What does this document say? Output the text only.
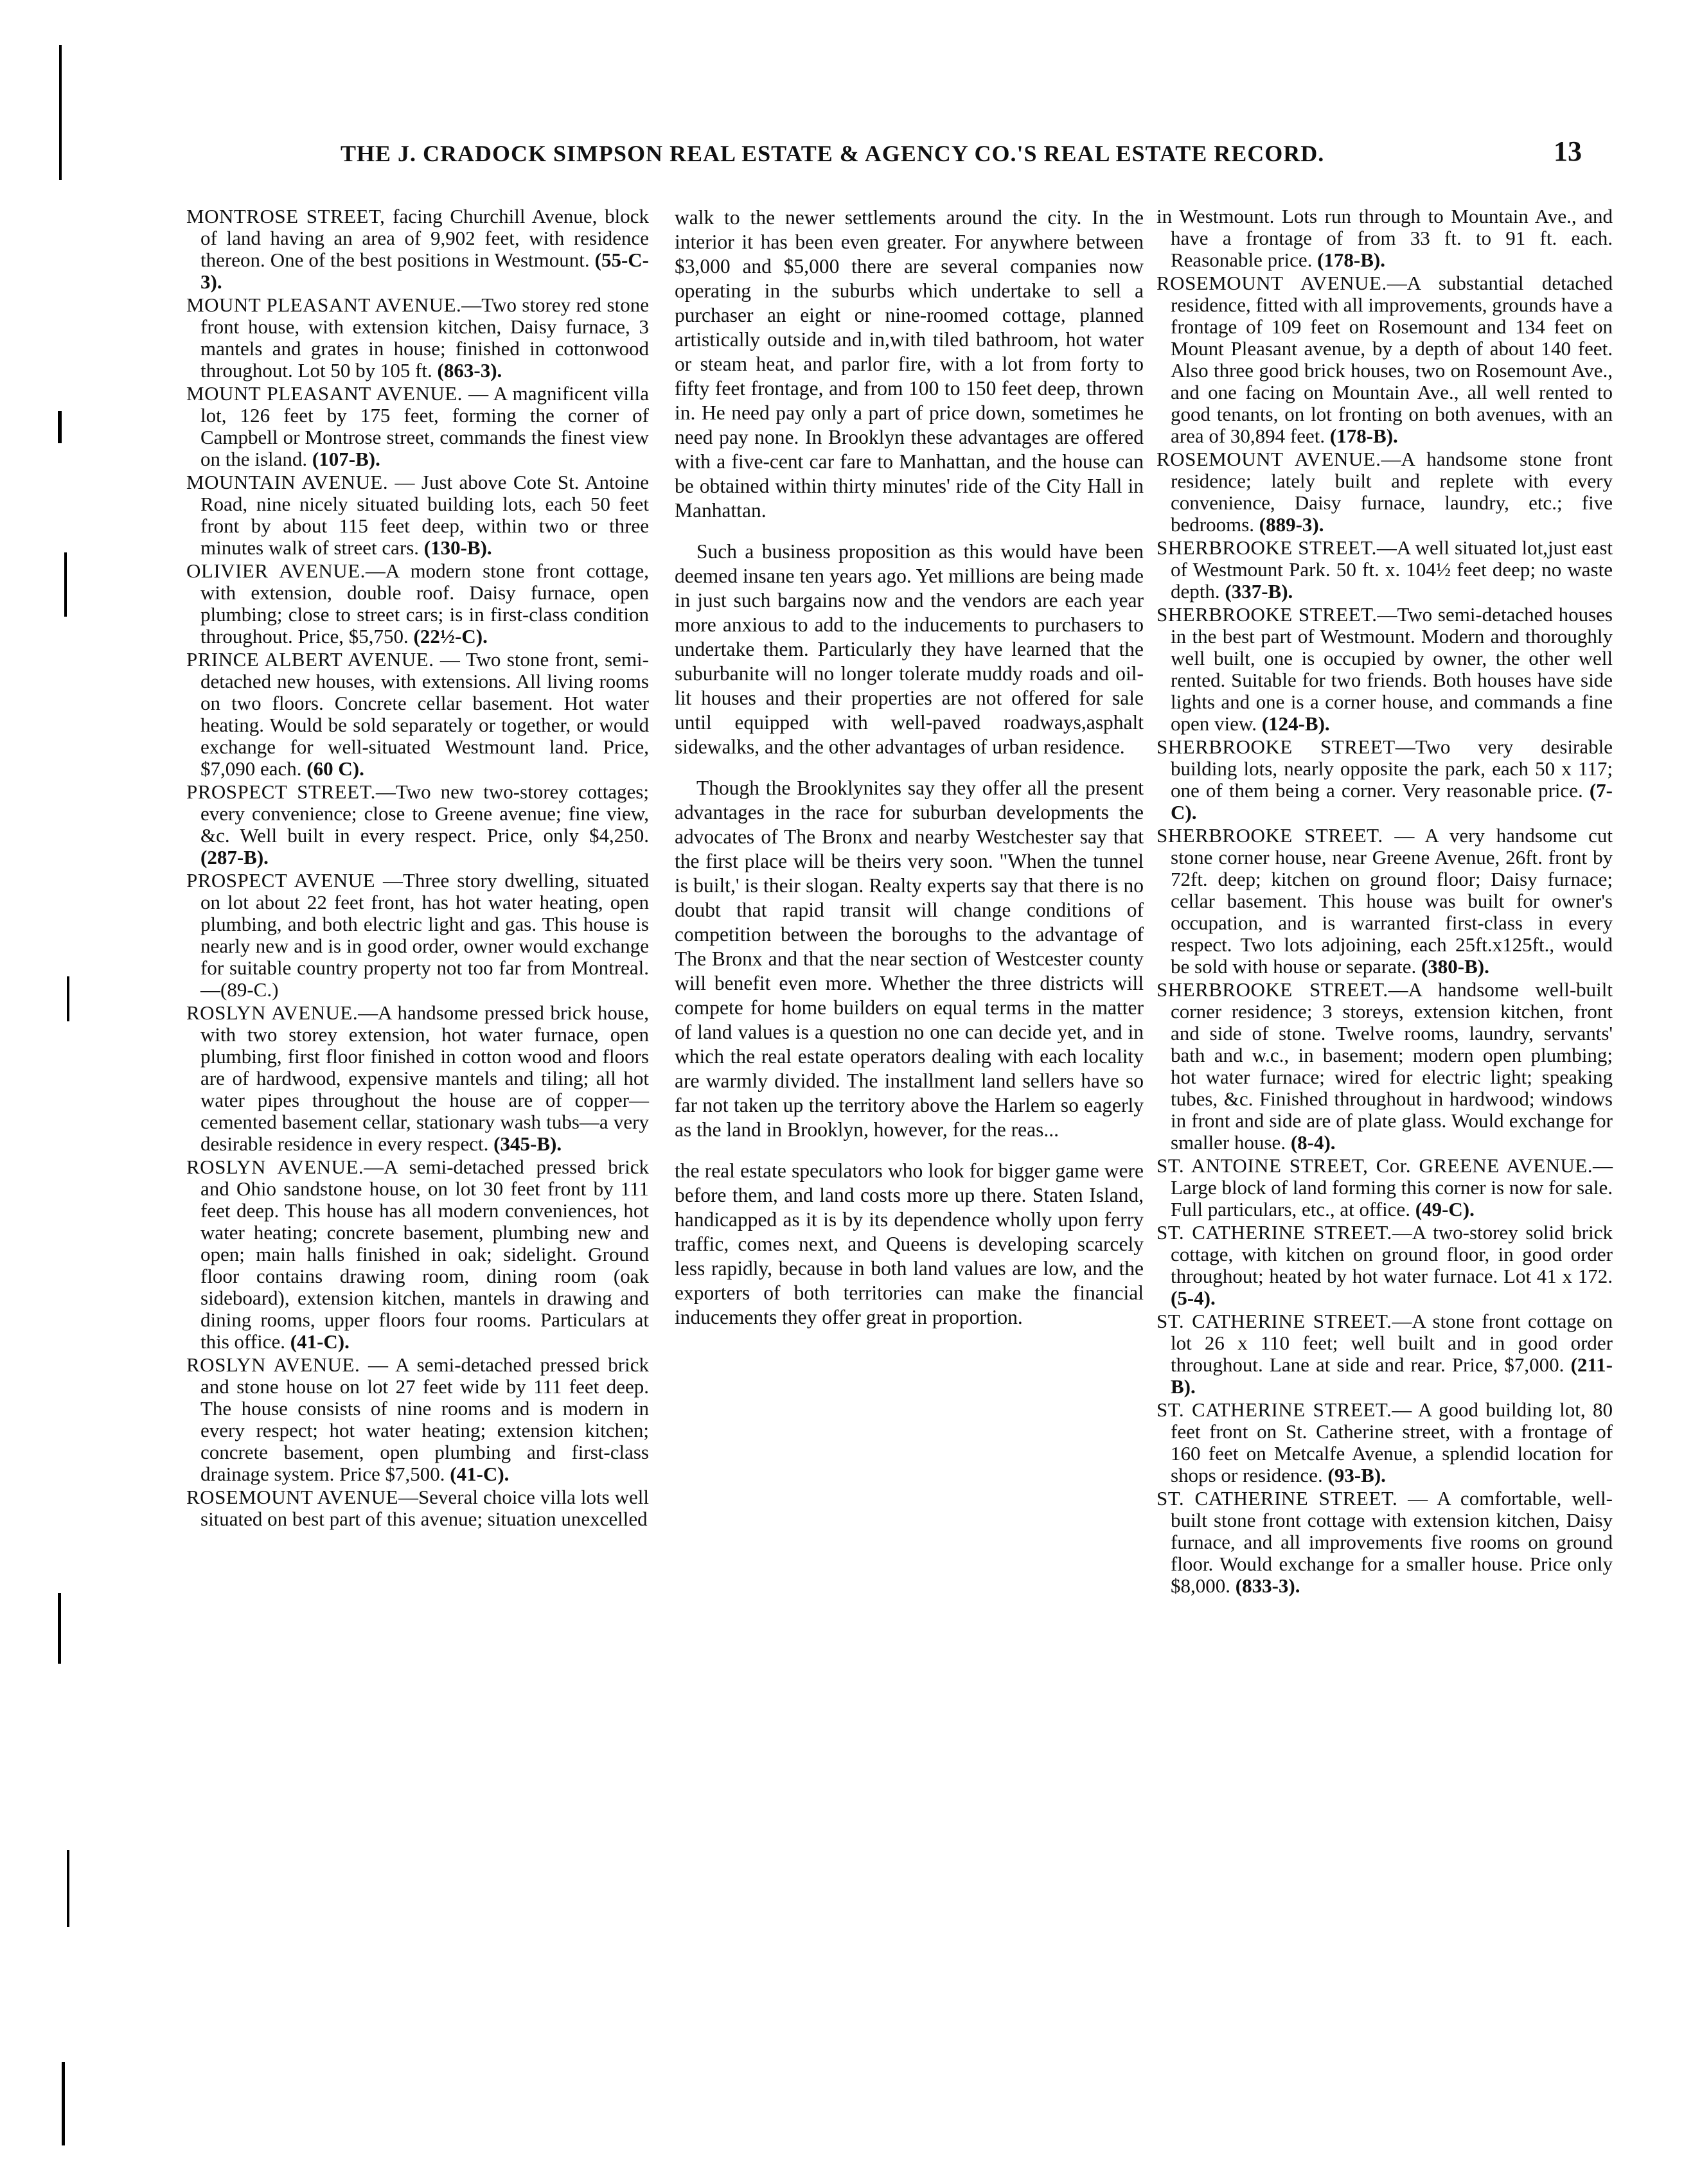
THE J. CRADOCK SIMPSON REAL ESTATE & AGENCY CO.'S REAL ESTATE RECORD.	13

MONTROSE STREET, facing Churchill Avenue, block of land having an area of 9,902 feet, with residence thereon. One of the best positions in Westmount. (55-C-3).

MOUNT PLEASANT AVENUE.—Two storey red stone front house, with extension kitchen, Daisy furnace, 3 mantels and grates in house; finished in cottonwood throughout. Lot 50 by 105 ft. (863-3).

MOUNT PLEASANT AVENUE. — A magnificent villa lot, 126 feet by 175 feet, forming the corner of Campbell or Montrose street, commands the finest view on the island. (107-B).

MOUNTAIN AVENUE. — Just above Cote St. Antoine Road, nine nicely situated building lots, each 50 feet front by about 115 feet deep, within two or three minutes walk of street cars. (130-B).

OLIVIER AVENUE.—A modern stone front cottage, with extension, double roof. Daisy furnace, open plumbing; close to street cars; is in first-class condition throughout. Price, $5,750. (22½-C).

PRINCE ALBERT AVENUE. — Two stone front, semi-detached new houses, with extensions. All living rooms on two floors. Concrete cellar basement. Hot water heating. Would be sold separately or together, or would exchange for well-situated Westmount land. Price, $7,090 each. (60 C).

PROSPECT STREET.—Two new two-storey cottages; every convenience; close to Greene avenue; fine view, &c. Well built in every respect. Price, only $4,250. (287-B).

PROSPECT AVENUE —Three story dwelling, situated on lot about 22 feet front, has hot water heating, open plumbing, and both electric light and gas. This house is nearly new and is in good order, owner would exchange for suitable country property not too far from Montreal.—(89-C.)

ROSLYN AVENUE.—A handsome pressed brick house, with two storey extension, hot water furnace, open plumbing, first floor finished in cotton wood and floors are of hardwood, expensive mantels and tiling; all hot water pipes throughout the house are of copper—cemented basement cellar, stationary wash tubs—a very desirable residence in every respect. (345-B).

ROSLYN AVENUE.—A semi-detached pressed brick and Ohio sandstone house, on lot 30 feet front by 111 feet deep. This house has all modern conveniences, hot water heating; concrete basement, plumbing new and open; main halls finished in oak; sidelight. Ground floor contains drawing room, dining room (oak sideboard), extension kitchen, mantels in drawing and dining rooms, upper floors four rooms. Particulars at this office. (41-C).

ROSLYN AVENUE. — A semi-detached pressed brick and stone house on lot 27 feet wide by 111 feet deep. The house consists of nine rooms and is modern in every respect; hot water heating; extension kitchen; concrete basement, open plumbing and first-class drainage system. Price $7,500. (41-C).

ROSEMOUNT AVENUE—Several choice villa lots well situated on best part of this avenue; situation unexcelled

walk to the newer settlements around the city. In the interior it has been even greater. For anywhere between $3,000 and $5,000 there are several companies now operating in the suburbs which undertake to sell a purchaser an eight or nine-roomed cottage, planned artistically outside and in,with tiled bathroom, hot water or steam heat, and parlor fire, with a lot from forty to fifty feet frontage, and from 100 to 150 feet deep, thrown in. He need pay only a part of price down, sometimes he need pay none. In Brooklyn these advantages are offered with a five-cent car fare to Manhattan, and the house can be obtained within thirty minutes' ride of the City Hall in Manhattan.

Such a business proposition as this would have been deemed insane ten years ago. Yet millions are being made in just such bargains now and the vendors are each year more anxious to add to the inducements to purchasers to undertake them. Particularly they have learned that the suburbanite will no longer tolerate muddy roads and oil-lit houses and their properties are not offered for sale until equipped with well-paved roadways,asphalt sidewalks, and the other advantages of urban residence.

Though the Brooklynites say they offer all the present advantages in the race for suburban developments the advocates of The Bronx and nearby Westchester say that the first place will be theirs very soon. "When the tunnel is built,' is their slogan. Realty experts say that there is no doubt that rapid transit will change conditions of competition between the boroughs to the advantage of The Bronx and that the near section of Westcester county will benefit even more. Whether the three districts will compete for home builders on equal terms in the matter of land values is a question no one can decide yet, and in which the real estate operators dealing with each locality are warmly divided. The installment land sellers have so far not taken up the territory above the Harlem so eagerly as the land in Brooklyn, however, for the reas...

the real estate speculators who look for bigger game were before them, and land costs more up there. Staten Island, handicapped as it is by its dependence wholly upon ferry traffic, comes next, and Queens is developing scarcely less rapidly, because in both land values are low, and the exporters of both territories can make the financial inducements they offer great in proportion.

in Westmount. Lots run through to Mountain Ave., and have a frontage of from 33 ft. to 91 ft. each. Reasonable price. (178-B).

ROSEMOUNT AVENUE.—A substantial detached residence, fitted with all improvements, grounds have a frontage of 109 feet on Rosemount and 134 feet on Mount Pleasant avenue, by a depth of about 140 feet. Also three good brick houses, two on Rosemount Ave., and one facing on Mountain Ave., all well rented to good tenants, on lot fronting on both avenues, with an area of 30,894 feet. (178-B).

ROSEMOUNT AVENUE.—A handsome stone front residence; lately built and replete with every convenience, Daisy furnace, laundry, etc.; five bedrooms. (889-3).

SHERBROOKE STREET.—A well situated lot,just east of Westmount Park. 50 ft. x. 104½ feet deep; no waste depth. (337-B).

SHERBROOKE STREET.—Two semi-detached houses in the best part of Westmount. Modern and thoroughly well built, one is occupied by owner, the other well rented. Suitable for two friends. Both houses have side lights and one is a corner house, and commands a fine open view. (124-B).

SHERBROOKE STREET—Two very desirable building lots, nearly opposite the park, each 50 x 117; one of them being a corner. Very reasonable price. (7-C).

SHERBROOKE STREET. — A very handsome cut stone corner house, near Greene Avenue, 26ft. front by 72ft. deep; kitchen on ground floor; Daisy furnace; cellar basement. This house was built for owner's occupation, and is warranted first-class in every respect. Two lots adjoining, each 25ft.x125ft., would be sold with house or separate. (380-B).

SHERBROOKE STREET.—A handsome well-built corner residence; 3 storeys, extension kitchen, front and side of stone. Twelve rooms, laundry, servants' bath and w.c., in basement; modern open plumbing; hot water furnace; wired for electric light; speaking tubes, &c. Finished throughout in hardwood; windows in front and side are of plate glass. Would exchange for smaller house. (8-4).

ST. ANTOINE STREET, Cor. GREENE AVENUE.—Large block of land forming this corner is now for sale. Full particulars, etc., at office. (49-C).

ST. CATHERINE STREET.—A two-storey solid brick cottage, with kitchen on ground floor, in good order throughout; heated by hot water furnace. Lot 41 x 172. (5-4).

ST. CATHERINE STREET.—A stone front cottage on lot 26 x 110 feet; well built and in good order throughout. Lane at side and rear. Price, $7,000. (211-B).

ST. CATHERINE STREET.— A good building lot, 80 feet front on St. Catherine street, with a frontage of 160 feet on Metcalfe Avenue, a splendid location for shops or residence. (93-B).

ST. CATHERINE STREET. — A comfortable, well-built stone front cottage with extension kitchen, Daisy furnace, and all improvements five rooms on ground floor. Would exchange for a smaller house. Price only $8,000. (833-3).
